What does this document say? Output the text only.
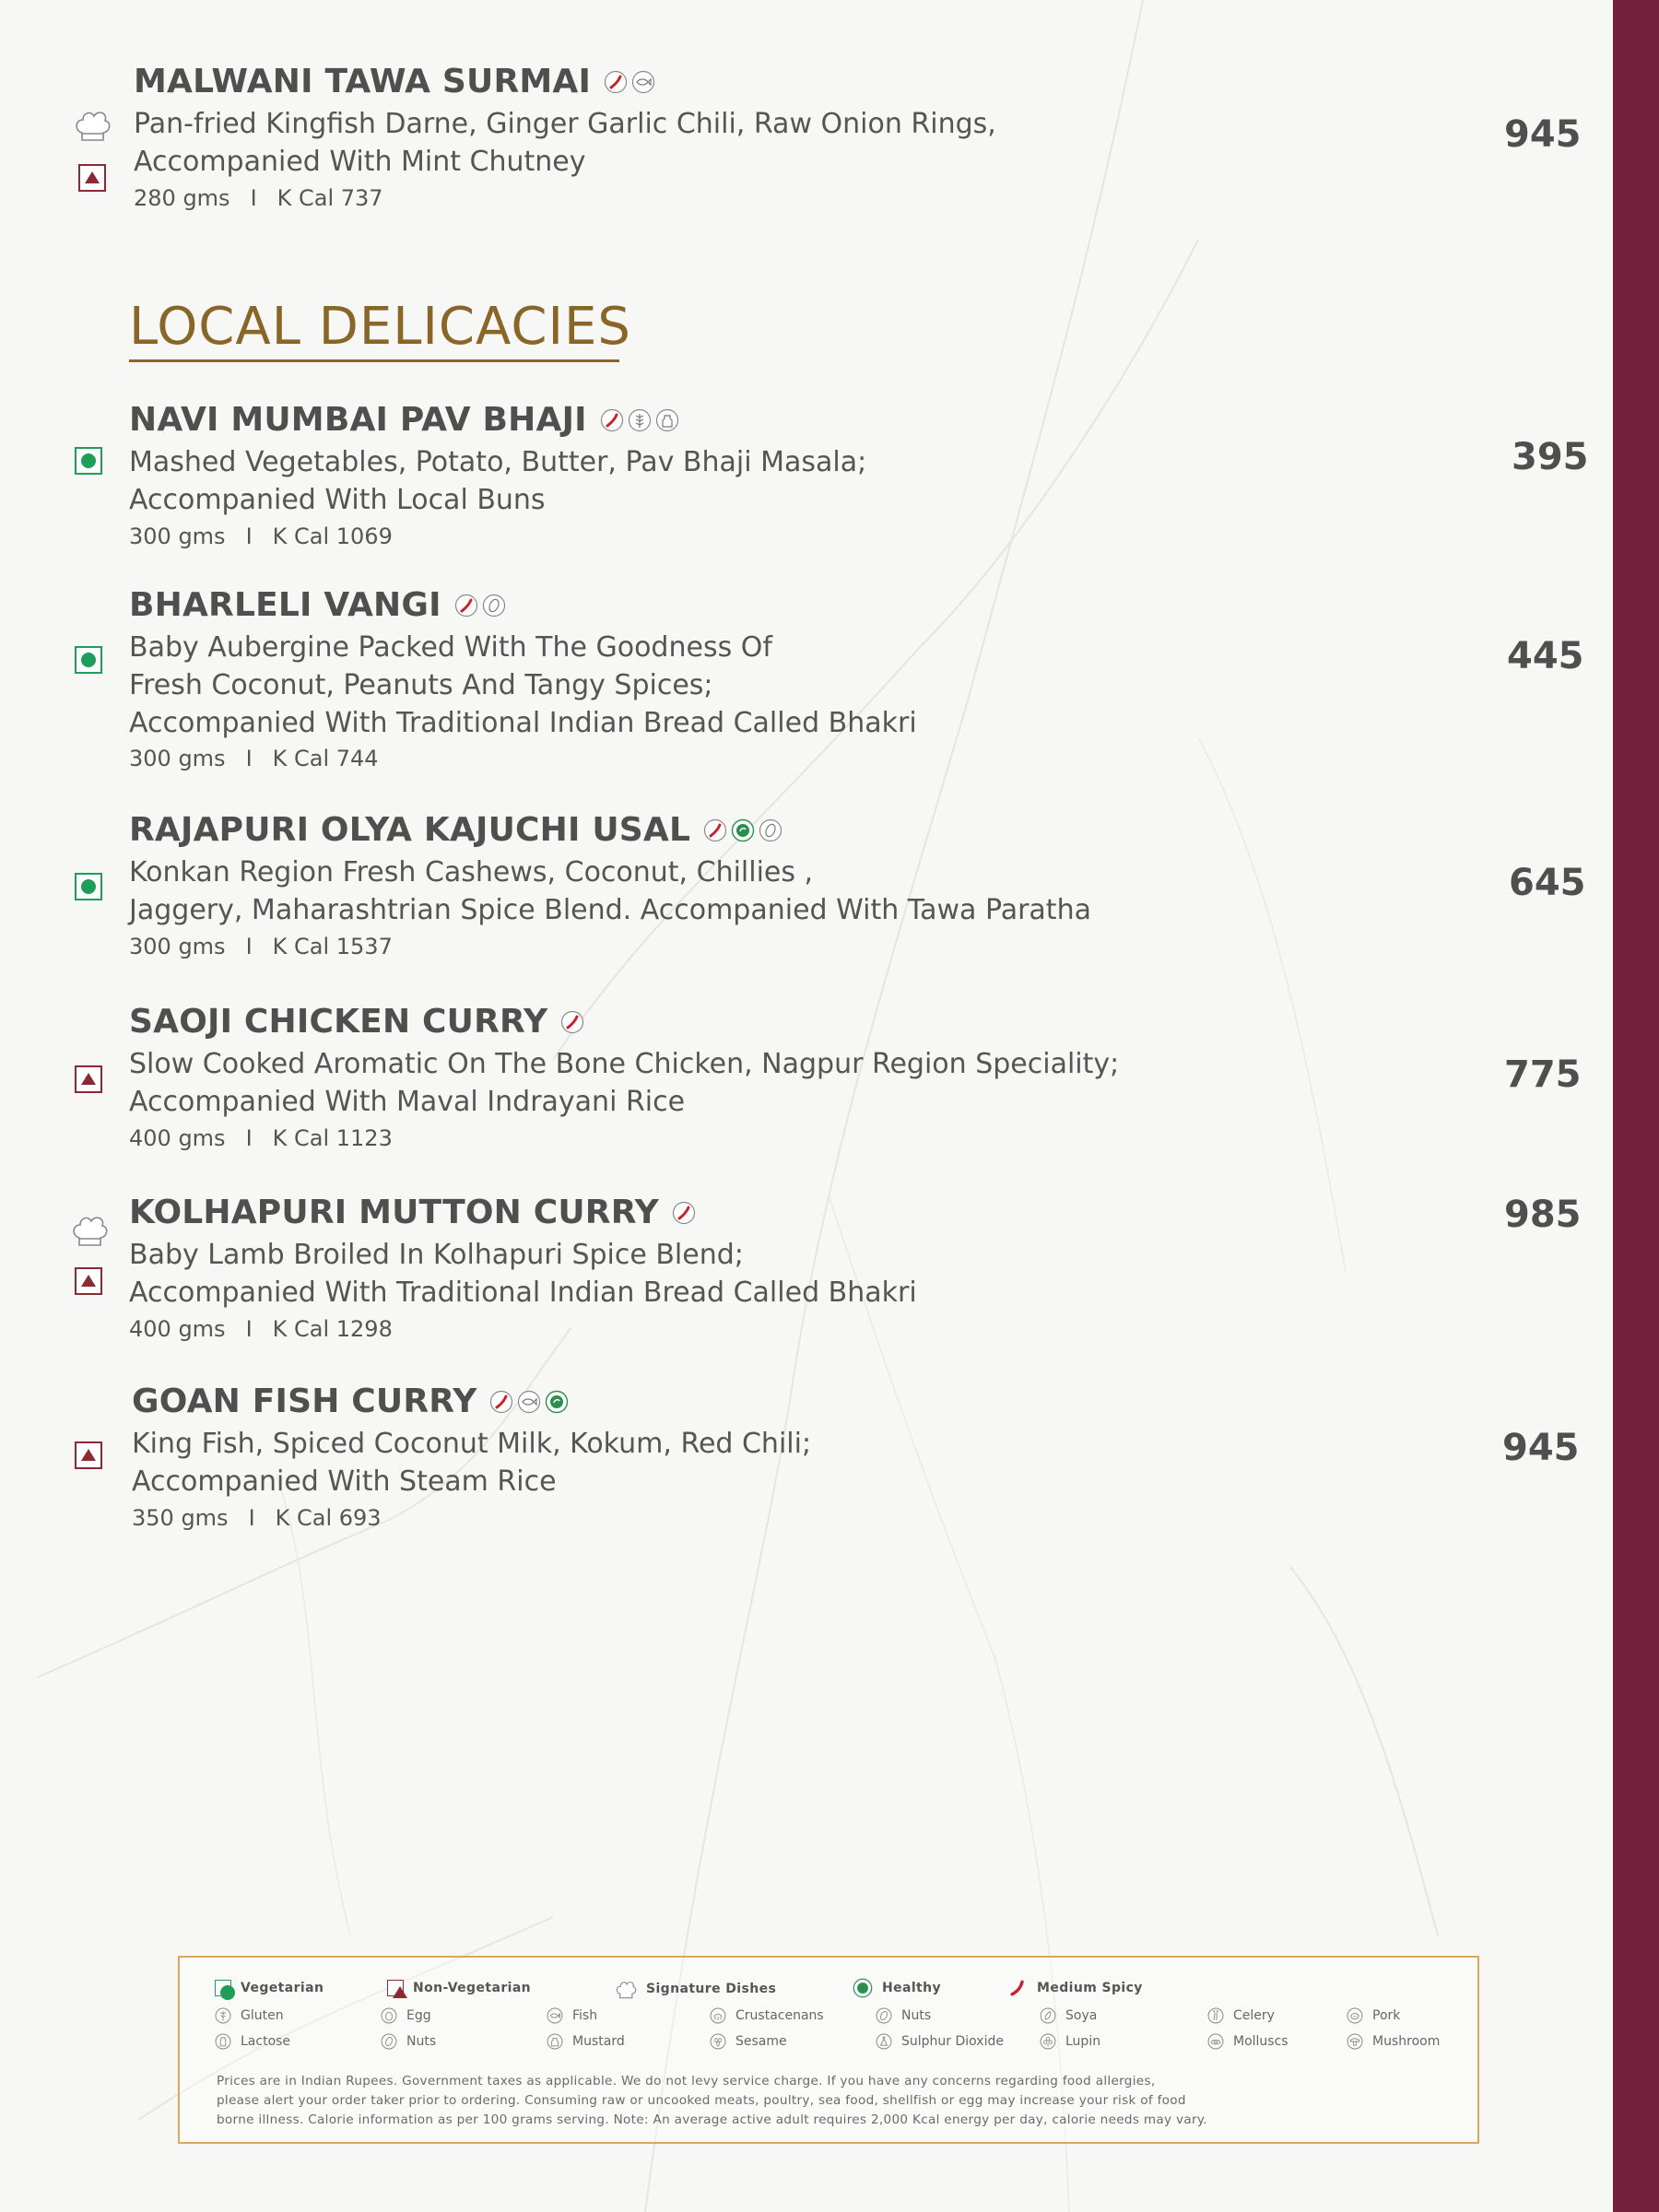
MALWANI TAWA SURMAI
Pan-fried Kingfish Darne, Ginger Garlic Chili, Raw Onion Rings,
Accompanied With Mint Chutney
280 gms I K Cal 737
945
LOCAL DELICACIES
NAVI MUMBAI PAV BHAJI
Mashed Vegetables, Potato, Butter, Pav Bhaji Masala;
Accompanied With Local Buns
300 gms I K Cal 1069
395
BHARLELI VANGI
Baby Aubergine Packed With The Goodness Of
Fresh Coconut, Peanuts And Tangy Spices;
Accompanied With Traditional Indian Bread Called Bhakri
300 gms I K Cal 744
445
RAJAPURI OLYA KAJUCHI USAL
Konkan Region Fresh Cashews, Coconut, Chillies ,
Jaggery, Maharashtrian Spice Blend. Accompanied With Tawa Paratha
300 gms I K Cal 1537
645
SAOJI CHICKEN CURRY
Slow Cooked Aromatic On The Bone Chicken, Nagpur Region Speciality;
Accompanied With Maval Indrayani Rice
400 gms I K Cal 1123
775
KOLHAPURI MUTTON CURRY
Baby Lamb Broiled In Kolhapuri Spice Blend;
Accompanied With Traditional Indian Bread Called Bhakri
400 gms I K Cal 1298
985
GOAN FISH CURRY
King Fish, Spiced Coconut Milk, Kokum, Red Chili;
Accompanied With Steam Rice
350 gms I K Cal 693
945
Vegetarian	Non-Vegetarian	Signature Dishes	Healthy	Medium Spicy
Gluten	Egg	Fish	Crustacenans	Nuts	Soya	Celery	Pork
Lactose	Nuts	Mustard	Sesame	Sulphur Dioxide	Lupin	Molluscs	Mushroom
Prices are in Indian Rupees. Government taxes as applicable. We do not levy service charge. If you have any concerns regarding food allergies,
please alert your order taker prior to ordering. Consuming raw or uncooked meats, poultry, sea food, shellfish or egg may increase your risk of food
borne illness. Calorie information as per 100 grams serving. Note: An average active adult requires 2,000 Kcal energy per day, calorie needs may vary.
